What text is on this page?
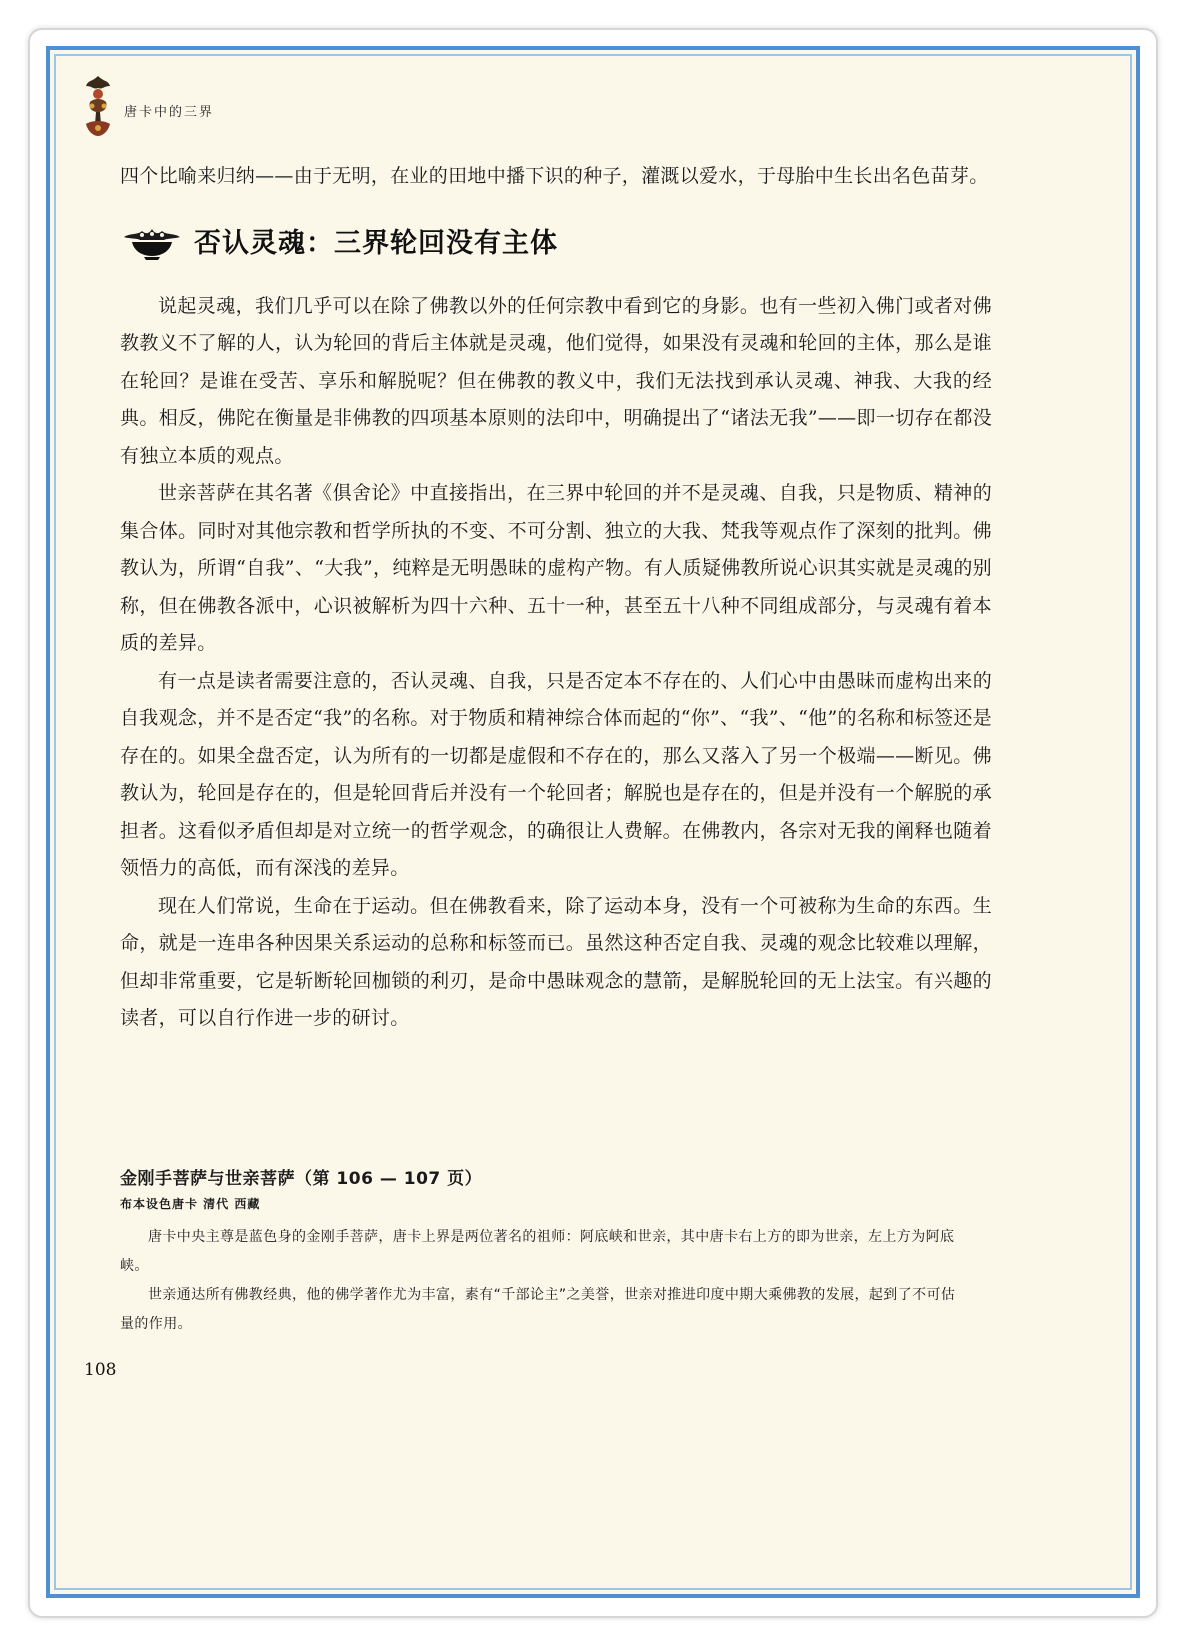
唐卡中的三界

四个比喻来归纳——由于无明，在业的田地中播下识的种子，灌溉以爱水，于母胎中生长出名色苗芽。

否认灵魂：三界轮回没有主体

说起灵魂，我们几乎可以在除了佛教以外的任何宗教中看到它的身影。也有一些初入佛门或者对佛教教义不了解的人，认为轮回的背后主体就是灵魂，他们觉得，如果没有灵魂和轮回的主体，那么是谁在轮回？是谁在受苦、享乐和解脱呢？但在佛教的教义中，我们无法找到承认灵魂、神我、大我的经典。相反，佛陀在衡量是非佛教的四项基本原则的法印中，明确提出了“诸法无我”——即一切存在都没有独立本质的观点。

世亲菩萨在其名著《俱舍论》中直接指出，在三界中轮回的并不是灵魂、自我，只是物质、精神的集合体。同时对其他宗教和哲学所执的不变、不可分割、独立的大我、梵我等观点作了深刻的批判。佛教认为，所谓“自我”、“大我”，纯粹是无明愚昧的虚构产物。有人质疑佛教所说心识其实就是灵魂的别称，但在佛教各派中，心识被解析为四十六种、五十一种，甚至五十八种不同组成部分，与灵魂有着本质的差异。

有一点是读者需要注意的，否认灵魂、自我，只是否定本不存在的、人们心中由愚昧而虚构出来的自我观念，并不是否定“我”的名称。对于物质和精神综合体而起的“你”、“我”、“他”的名称和标签还是存在的。如果全盘否定，认为所有的一切都是虚假和不存在的，那么又落入了另一个极端——断见。佛教认为，轮回是存在的，但是轮回背后并没有一个轮回者；解脱也是存在的，但是并没有一个解脱的承担者。这看似矛盾但却是对立统一的哲学观念，的确很让人费解。在佛教内，各宗对无我的阐释也随着领悟力的高低，而有深浅的差异。

现在人们常说，生命在于运动。但在佛教看来，除了运动本身，没有一个可被称为生命的东西。生命，就是一连串各种因果关系运动的总称和标签而已。虽然这种否定自我、灵魂的观念比较难以理解，但却非常重要，它是斩断轮回枷锁的利刃，是命中愚昧观念的慧箭，是解脱轮回的无上法宝。有兴趣的读者，可以自行作进一步的研讨。

金刚手菩萨与世亲菩萨（第 106 — 107 页）
布本设色唐卡 清代 西藏

唐卡中央主尊是蓝色身的金刚手菩萨，唐卡上界是两位著名的祖师：阿底峡和世亲，其中唐卡右上方的即为世亲，左上方为阿底峡。

世亲通达所有佛教经典，他的佛学著作尤为丰富，素有“千部论主”之美誉，世亲对推进印度中期大乘佛教的发展，起到了不可估量的作用。

108
